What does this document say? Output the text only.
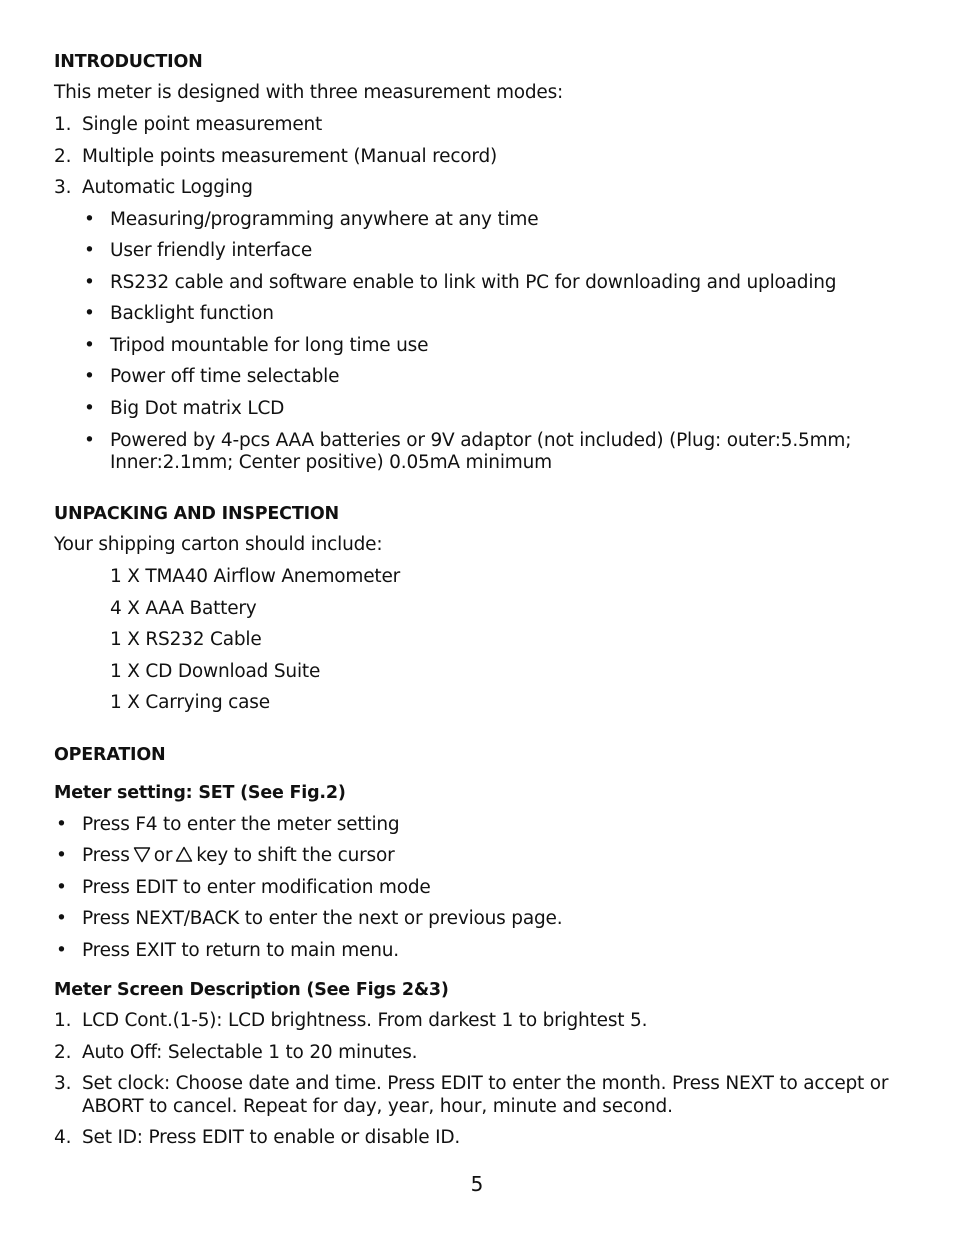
INTRODUCTION
This meter is designed with three measurement modes:
1. Single point measurement
2. Multiple points measurement (Manual record)
3. Automatic Logging
• Measuring/programming anywhere at any time
• User friendly interface
• RS232 cable and software enable to link with PC for downloading and uploading
• Backlight function
• Tripod mountable for long time use
• Power off time selectable
• Big Dot matrix LCD
• Powered by 4-pcs AAA batteries or 9V adaptor (not included) (Plug: outer:5.5mm;
Inner:2.1mm; Center positive) 0.05mA minimum
UNPACKING AND INSPECTION
Your shipping carton should include:
1 X TMA40 Airflow Anemometer
4 X AAA Battery
1 X RS232 Cable
1 X CD Download Suite
1 X Carrying case
OPERATION
Meter setting: SET (See Fig.2)
• Press F4 to enter the meter setting
• Press or key to shift the cursor
• Press EDIT to enter modification mode
• Press NEXT/BACK to enter the next or previous page.
• Press EXIT to return to main menu.
Meter Screen Description (See Figs 2&3)
1. LCD Cont.(1-5): LCD brightness. From darkest 1 to brightest 5.
2. Auto Off: Selectable 1 to 20 minutes.
3. Set clock: Choose date and time. Press EDIT to enter the month. Press NEXT to accept or
ABORT to cancel. Repeat for day, year, hour, minute and second.
4. Set ID: Press EDIT to enable or disable ID.
5
